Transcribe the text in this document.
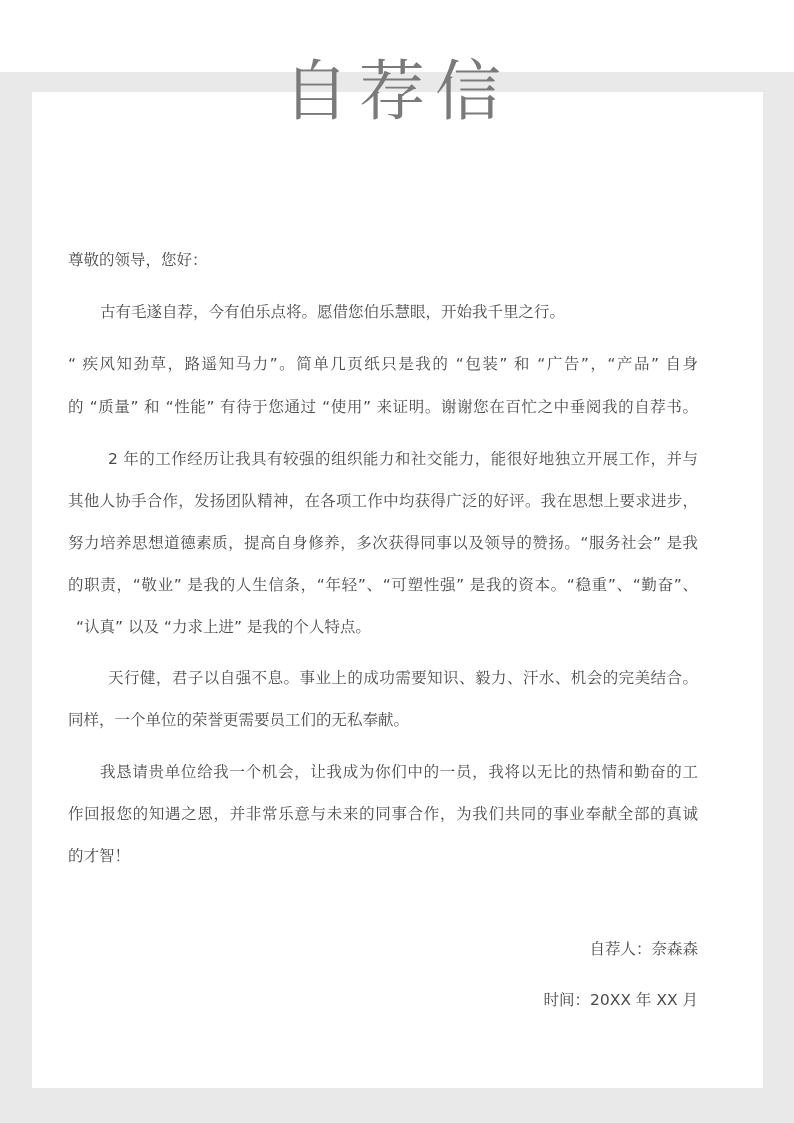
自荐信
尊敬的领导，您好：
古有毛遂自荐，今有伯乐点将。愿借您伯乐慧眼，开始我千里之行。
“ 疾风知劲草，路遥知马力”。简单几页纸只是我的 “包装” 和 “广告”，“产品” 自身
的 “质量” 和 “性能” 有待于您通过 “使用” 来证明。谢谢您在百忙之中垂阅我的自荐书。
2 年的工作经历让我具有较强的组织能力和社交能力，能很好地独立开展工作，并与
其他人协手合作，发扬团队精神，在各项工作中均获得广泛的好评。我在思想上要求进步，
努力培养思想道德素质，提高自身修养，多次获得同事以及领导的赞扬。“服务社会” 是我
的职责，“敬业” 是我的人生信条，“年轻”、“可塑性强” 是我的资本。“稳重”、“勤奋”、
“认真” 以及 “力求上进” 是我的个人特点。
天行健，君子以自强不息。事业上的成功需要知识、毅力、汗水、机会的完美结合。
同样，一个单位的荣誉更需要员工们的无私奉献。
我恳请贵单位给我一个机会，让我成为你们中的一员，我将以无比的热情和勤奋的工
作回报您的知遇之恩，并非常乐意与未来的同事合作，为我们共同的事业奉献全部的真诚
的才智！
自荐人：奈森森
时间：20XX 年 XX 月
